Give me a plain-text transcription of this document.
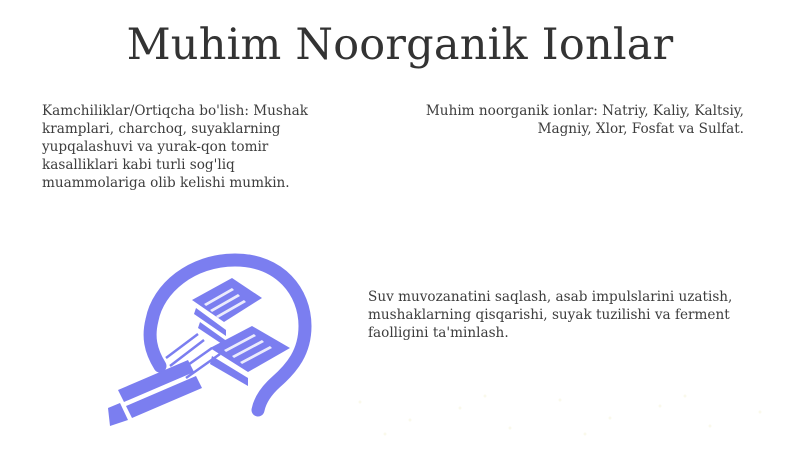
Muhim Noorganik Ionlar
Kamchiliklar/Ortiqcha bo'lish: Mushak kramplari, charchoq, suyaklarning yupqalashuvi va yurak-qon tomir kasalliklari kabi turli sog'liq muammolariga olib kelishi mumkin.
Muhim noorganik ionlar: Natriy, Kaliy, Kaltsiy, Magniy, Xlor, Fosfat va Sulfat.
Suv muvozanatini saqlash, asab impulslarini uzatish, mushaklarning qisqarishi, suyak tuzilishi va ferment faolligini ta'minlash.
